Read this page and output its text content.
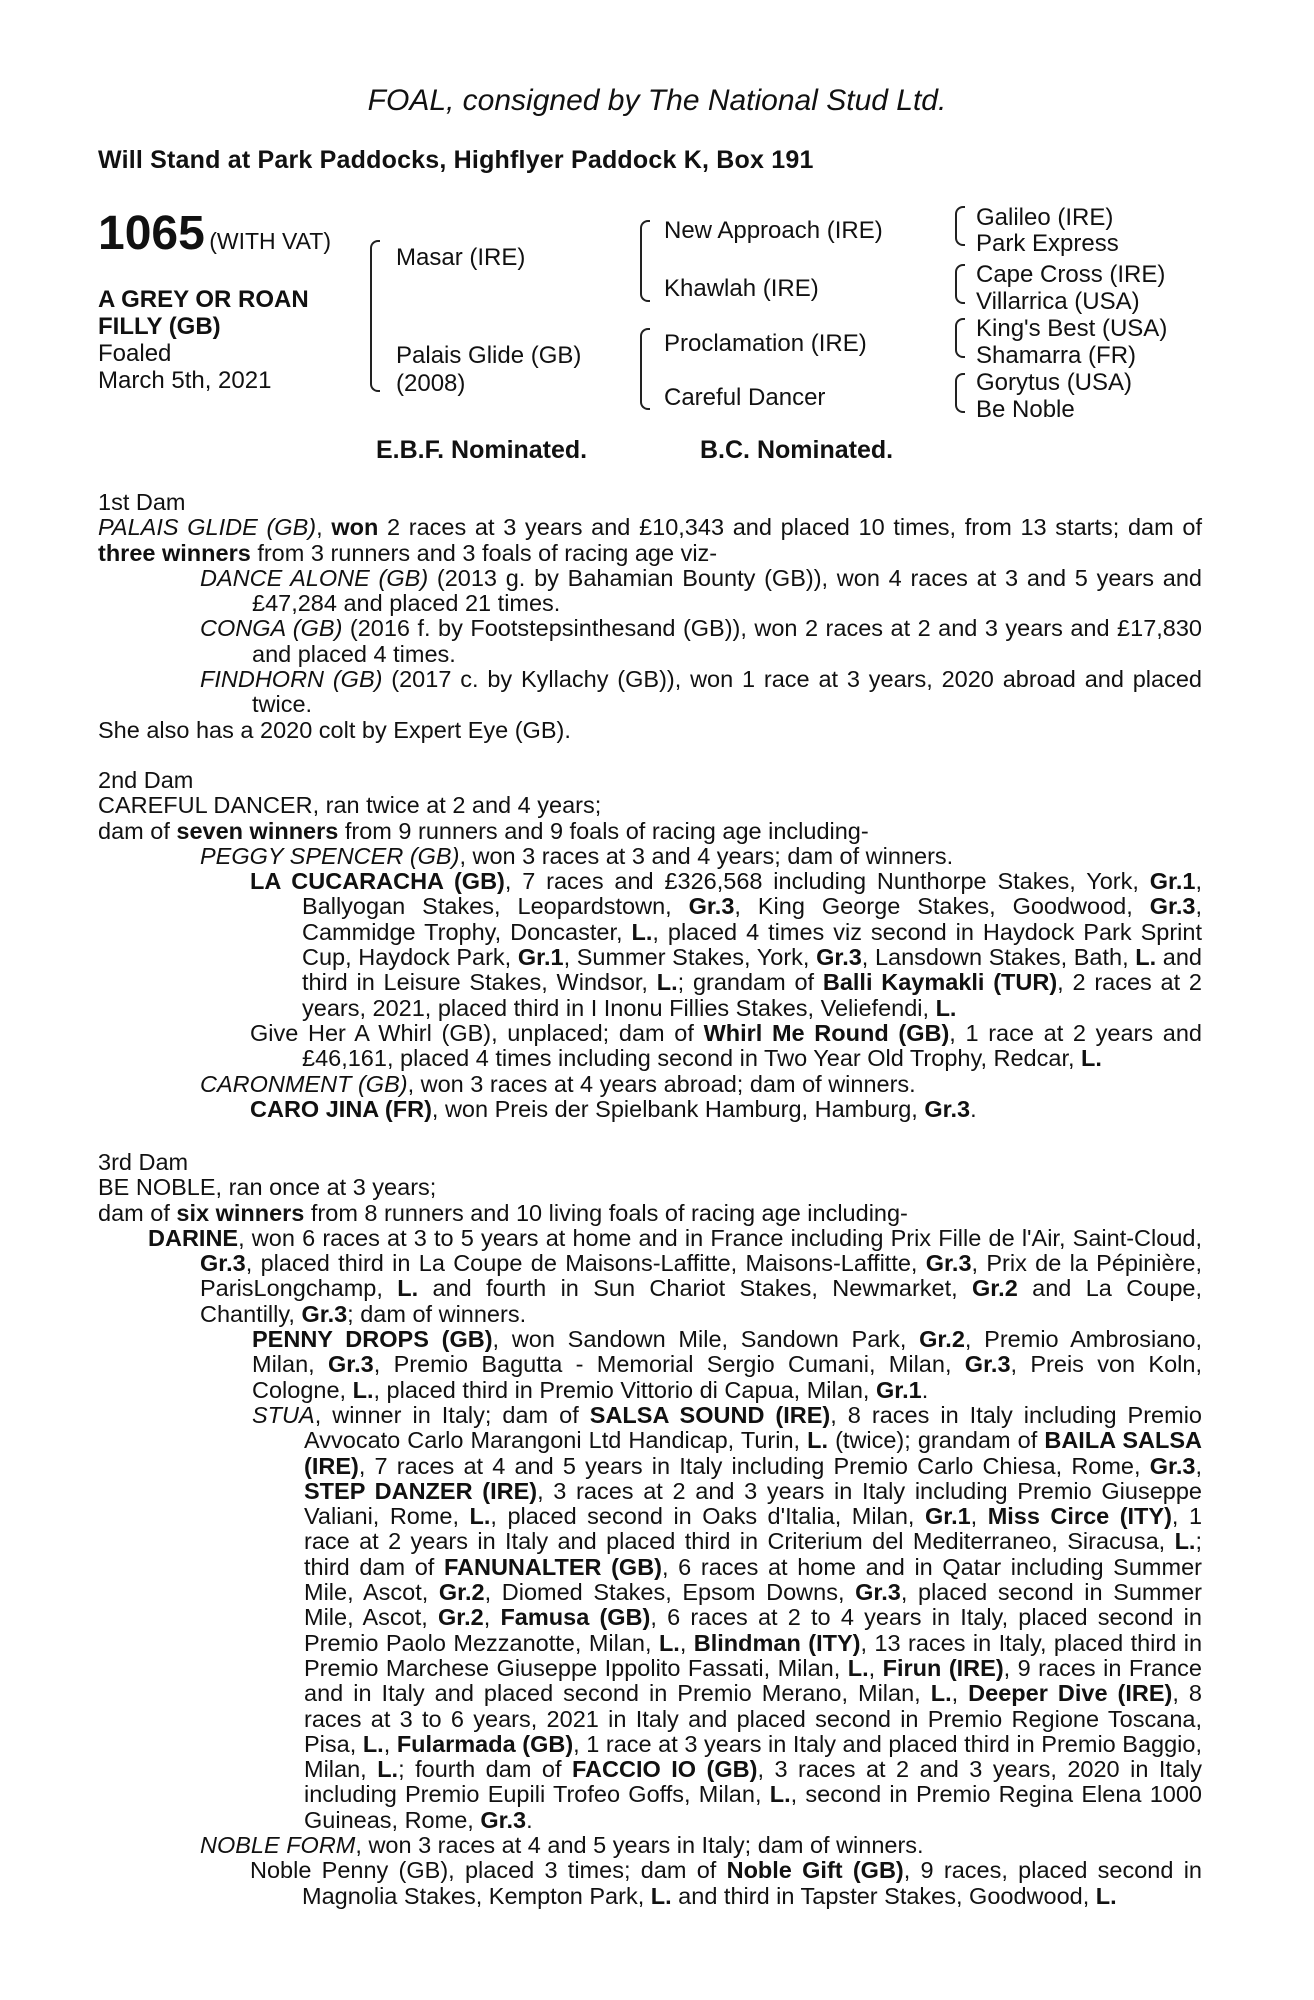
FOAL, consigned by The National Stud Ltd.
Will Stand at Park Paddocks, Highflyer Paddock K, Box 191
1065 (WITH VAT)
A GREY OR ROAN
FILLY (GB)
Foaled
March 5th, 2021
Masar (IRE)
Palais Glide (GB)
(2008)
New Approach (IRE)
Khawlah (IRE)
Proclamation (IRE)
Careful Dancer
Galileo (IRE)
Park Express
Cape Cross (IRE)
Villarrica (USA)
King's Best (USA)
Shamarra (FR)
Gorytus (USA)
Be Noble
E.B.F. Nominated.	B.C. Nominated.

1st Dam

PALAIS GLIDE (GB), won 2 races at 3 years and £10,343 and placed 10 times, from 13 starts; dam of three winners from 3 runners and 3 foals of racing age viz-

DANCE ALONE (GB) (2013 g. by Bahamian Bounty (GB)), won 4 races at 3 and 5 years and £47,284 and placed 21 times.

CONGA (GB) (2016 f. by Footstepsinthesand (GB)), won 2 races at 2 and 3 years and £17,830 and placed 4 times.

FINDHORN (GB) (2017 c. by Kyllachy (GB)), won 1 race at 3 years, 2020 abroad and placed twice.

She also has a 2020 colt by Expert Eye (GB).

2nd Dam

CAREFUL DANCER, ran twice at 2 and 4 years;

dam of seven winners from 9 runners and 9 foals of racing age including-

PEGGY SPENCER (GB), won 3 races at 3 and 4 years; dam of winners.

LA CUCARACHA (GB), 7 races and £326,568 including Nunthorpe Stakes, York, Gr.1, Ballyogan Stakes, Leopardstown, Gr.3, King George Stakes, Goodwood, Gr.3, Cammidge Trophy, Doncaster, L., placed 4 times viz second in Haydock Park Sprint Cup, Haydock Park, Gr.1, Summer Stakes, York, Gr.3, Lansdown Stakes, Bath, L. and third in Leisure Stakes, Windsor, L.; grandam of Balli Kaymakli (TUR), 2 races at 2 years, 2021, placed third in I Inonu Fillies Stakes, Veliefendi, L.

Give Her A Whirl (GB), unplaced; dam of Whirl Me Round (GB), 1 race at 2 years and £46,161, placed 4 times including second in Two Year Old Trophy, Redcar, L.

CARONMENT (GB), won 3 races at 4 years abroad; dam of winners.

CARO JINA (FR), won Preis der Spielbank Hamburg, Hamburg, Gr.3.

3rd Dam

BE NOBLE, ran once at 3 years;

dam of six winners from 8 runners and 10 living foals of racing age including-

DARINE, won 6 races at 3 to 5 years at home and in France including Prix Fille de l'Air, Saint-Cloud, Gr.3, placed third in La Coupe de Maisons-Laffitte, Maisons-Laffitte, Gr.3, Prix de la Pépinière, ParisLongchamp, L. and fourth in Sun Chariot Stakes, Newmarket, Gr.2 and La Coupe, Chantilly, Gr.3; dam of winners.

PENNY DROPS (GB), won Sandown Mile, Sandown Park, Gr.2, Premio Ambrosiano, Milan, Gr.3, Premio Bagutta - Memorial Sergio Cumani, Milan, Gr.3, Preis von Koln, Cologne, L., placed third in Premio Vittorio di Capua, Milan, Gr.1.

STUA, winner in Italy; dam of SALSA SOUND (IRE), 8 races in Italy including Premio Avvocato Carlo Marangoni Ltd Handicap, Turin, L. (twice); grandam of BAILA SALSA (IRE), 7 races at 4 and 5 years in Italy including Premio Carlo Chiesa, Rome, Gr.3, STEP DANZER (IRE), 3 races at 2 and 3 years in Italy including Premio Giuseppe Valiani, Rome, L., placed second in Oaks d'Italia, Milan, Gr.1, Miss Circe (ITY), 1 race at 2 years in Italy and placed third in Criterium del Mediterraneo, Siracusa, L.; third dam of FANUNALTER (GB), 6 races at home and in Qatar including Summer Mile, Ascot, Gr.2, Diomed Stakes, Epsom Downs, Gr.3, placed second in Summer Mile, Ascot, Gr.2, Famusa (GB), 6 races at 2 to 4 years in Italy, placed second in Premio Paolo Mezzanotte, Milan, L., Blindman (ITY), 13 races in Italy, placed third in Premio Marchese Giuseppe Ippolito Fassati, Milan, L., Firun (IRE), 9 races in France and in Italy and placed second in Premio Merano, Milan, L., Deeper Dive (IRE), 8 races at 3 to 6 years, 2021 in Italy and placed second in Premio Regione Toscana, Pisa, L., Fularmada (GB), 1 race at 3 years in Italy and placed third in Premio Baggio, Milan, L.; fourth dam of FACCIO IO (GB), 3 races at 2 and 3 years, 2020 in Italy including Premio Eupili Trofeo Goffs, Milan, L., second in Premio Regina Elena 1000 Guineas, Rome, Gr.3.

NOBLE FORM, won 3 races at 4 and 5 years in Italy; dam of winners.

Noble Penny (GB), placed 3 times; dam of Noble Gift (GB), 9 races, placed second in Magnolia Stakes, Kempton Park, L. and third in Tapster Stakes, Goodwood, L.
